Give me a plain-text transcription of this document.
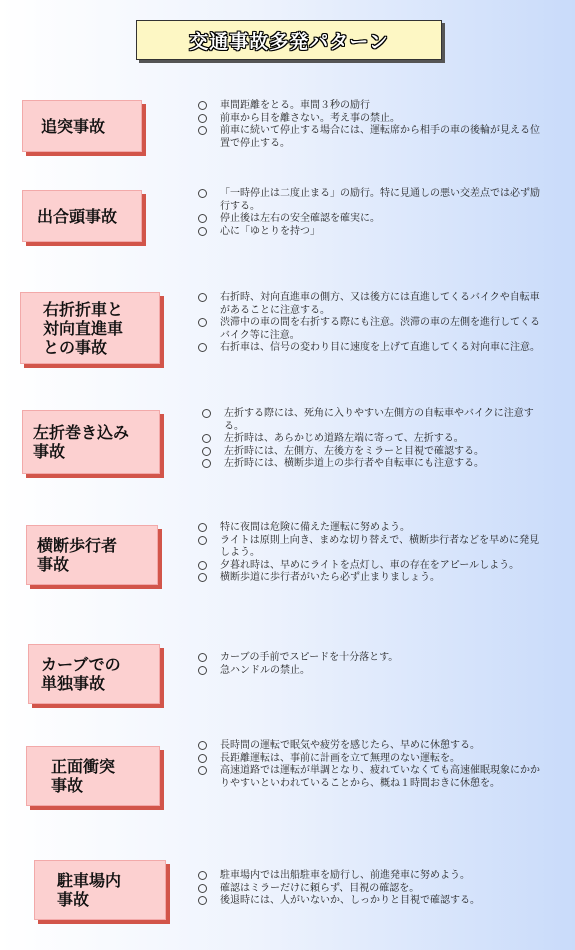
交通事故多発パターン
追突事故
車間距離をとる。車間３秒の励行
前車から目を離さない。考え事の禁止。
前車に続いて停止する場合には、運転席から相手の車の後輪が見える位置で停止する。
出合頭事故
「一時停止は二度止まる」の励行。特に見通しの悪い交差点では必ず励行する。
停止後は左右の安全確認を確実に。
心に「ゆとりを持つ」
右折折車と
対向直進車
との事故
右折時、対向直進車の側方、又は後方には直進してくるバイクや自転車があることに注意する。
渋滞中の車の間を右折する際にも注意。渋滞の車の左側を進行してくるバイク等に注意。
右折車は、信号の変わり目に速度を上げて直進してくる対向車に注意。
左折巻き込み
事故
左折する際には、死角に入りやすい左側方の自転車やバイクに注意する。
左折時は、あらかじめ道路左端に寄って、左折する。
左折時には、左側方、左後方をミラーと目視で確認する。
左折時には、横断歩道上の歩行者や自転車にも注意する。
横断歩行者
事故
特に夜間は危険に備えた運転に努めよう。
ライトは原則上向き、まめな切り替えで、横断歩行者などを早めに発見しよう。
夕暮れ時は、早めにライトを点灯し、車の存在をアピールしよう。
横断歩道に歩行者がいたら必ず止まりましょう。
カーブでの
単独事故
カーブの手前でスピードを十分落とす。
急ハンドルの禁止。
正面衝突
事故
長時間の運転で眠気や疲労を感じたら、早めに休憩する。
長距離運転は、事前に計画を立て無理のない運転を。
高速道路では運転が単調となり、疲れていなくても高速催眠現象にかかりやすいといわれていることから、概ね１時間おきに休憩を。
駐車場内
事故
駐車場内では出船駐車を励行し、前進発車に努めよう。
確認はミラーだけに頼らず、目視の確認を。
後退時には、人がいないか、しっかりと目視で確認する。
